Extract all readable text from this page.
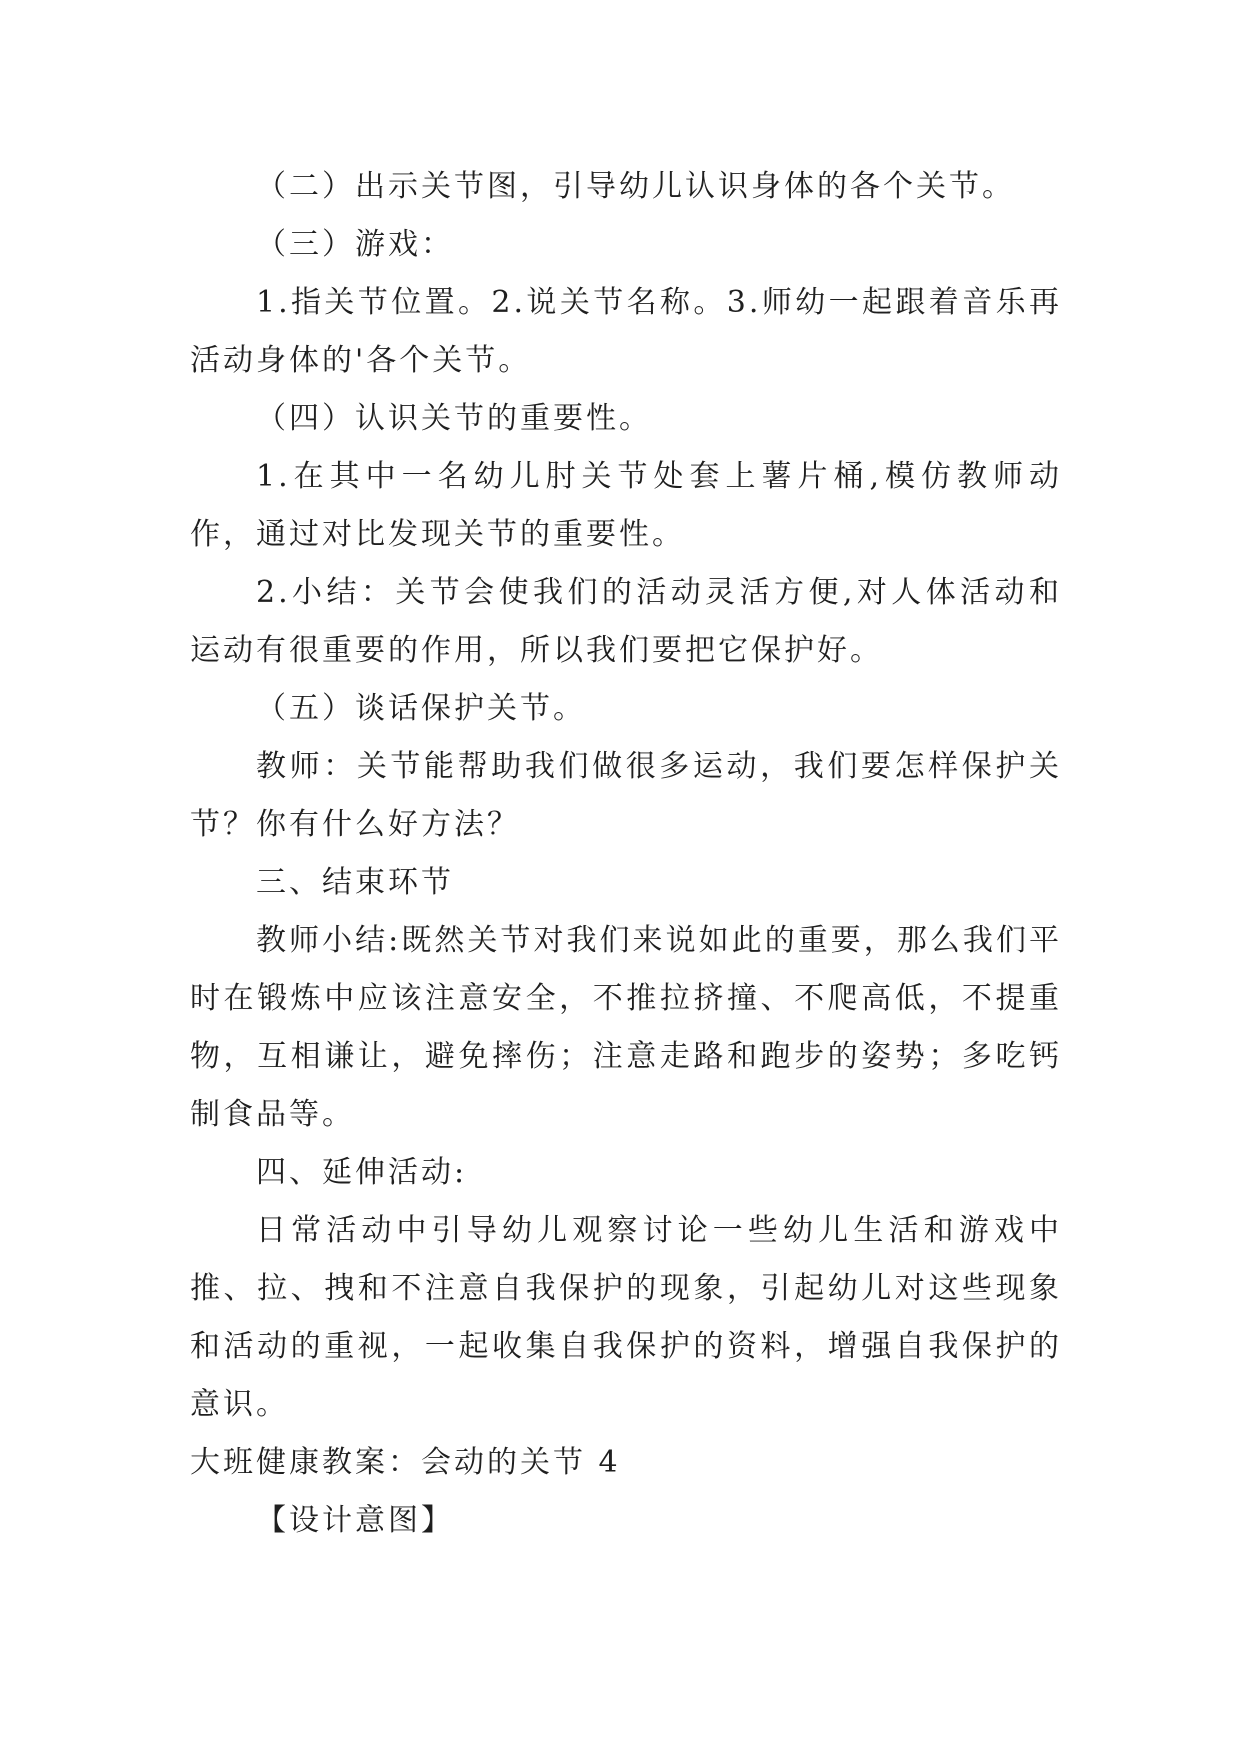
（二）出示关节图，引导幼儿认识身体的各个关节。

（三）游戏：

1.指关节位置。2.说关节名称。3.师幼一起跟着音乐再活动身体的'各个关节。

（四）认识关节的重要性。

1.在其中一名幼儿肘关节处套上薯片桶,模仿教师动作，通过对比发现关节的重要性。

2.小结：关节会使我们的活动灵活方便,对人体活动和运动有很重要的作用，所以我们要把它保护好。

（五）谈话保护关节。

教师：关节能帮助我们做很多运动，我们要怎样保护关节？你有什么好方法？

三、结束环节

教师小结:既然关节对我们来说如此的重要，那么我们平时在锻炼中应该注意安全，不推拉挤撞、不爬高低，不提重物，互相谦让，避免摔伤；注意走路和跑步的姿势；多吃钙制食品等。

四、延伸活动:

日常活动中引导幼儿观察讨论一些幼儿生活和游戏中推、拉、拽和不注意自我保护的现象，引起幼儿对这些现象和活动的重视，一起收集自我保护的资料，增强自我保护的意识。

大班健康教案：会动的关节 4

【设计意图】
